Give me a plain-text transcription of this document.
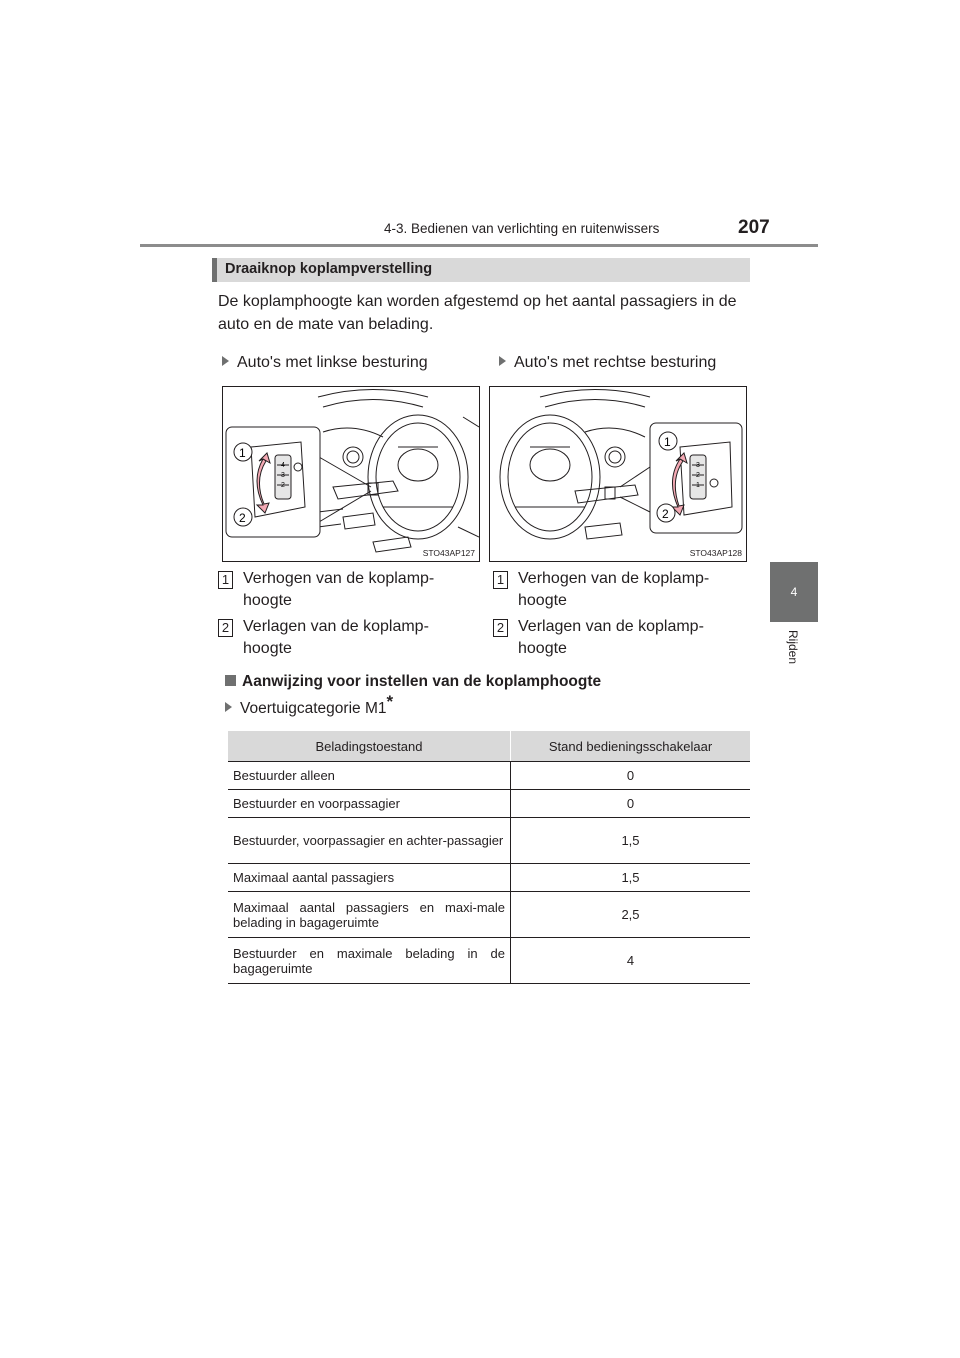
4-3. Bedienen van verlichting en ruitenwissers	207
4
Rijden
Draaiknop koplampverstelling
De koplamphoogte kan worden afgestemd op het aantal passagiers in de auto en de mate van belading.
Auto's met linkse besturing	Auto's met rechtse besturing
4
3
2
1
2
STO43AP127
3
2
1
1
2
STO43AP128
1 Verhogen van de koplamp-hoogte
2 Verlagen van de koplamp-hoogte
1 Verhogen van de koplamp-hoogte
2 Verlagen van de koplamp-hoogte
Aanwijzing voor instellen van de koplamphoogte
Voertuigcategorie M1*
Beladingstoestand	Stand bedieningsschakelaar
Bestuurder alleen	0
Bestuurder en voorpassagier	0
Bestuurder, voorpassagier en achter-passagier	1,5
Maximaal aantal passagiers	1,5
Maximaal aantal passagiers en maxi-male belading in bagageruimte	2,5
Bestuurder en maximale belading in de bagageruimte	4
